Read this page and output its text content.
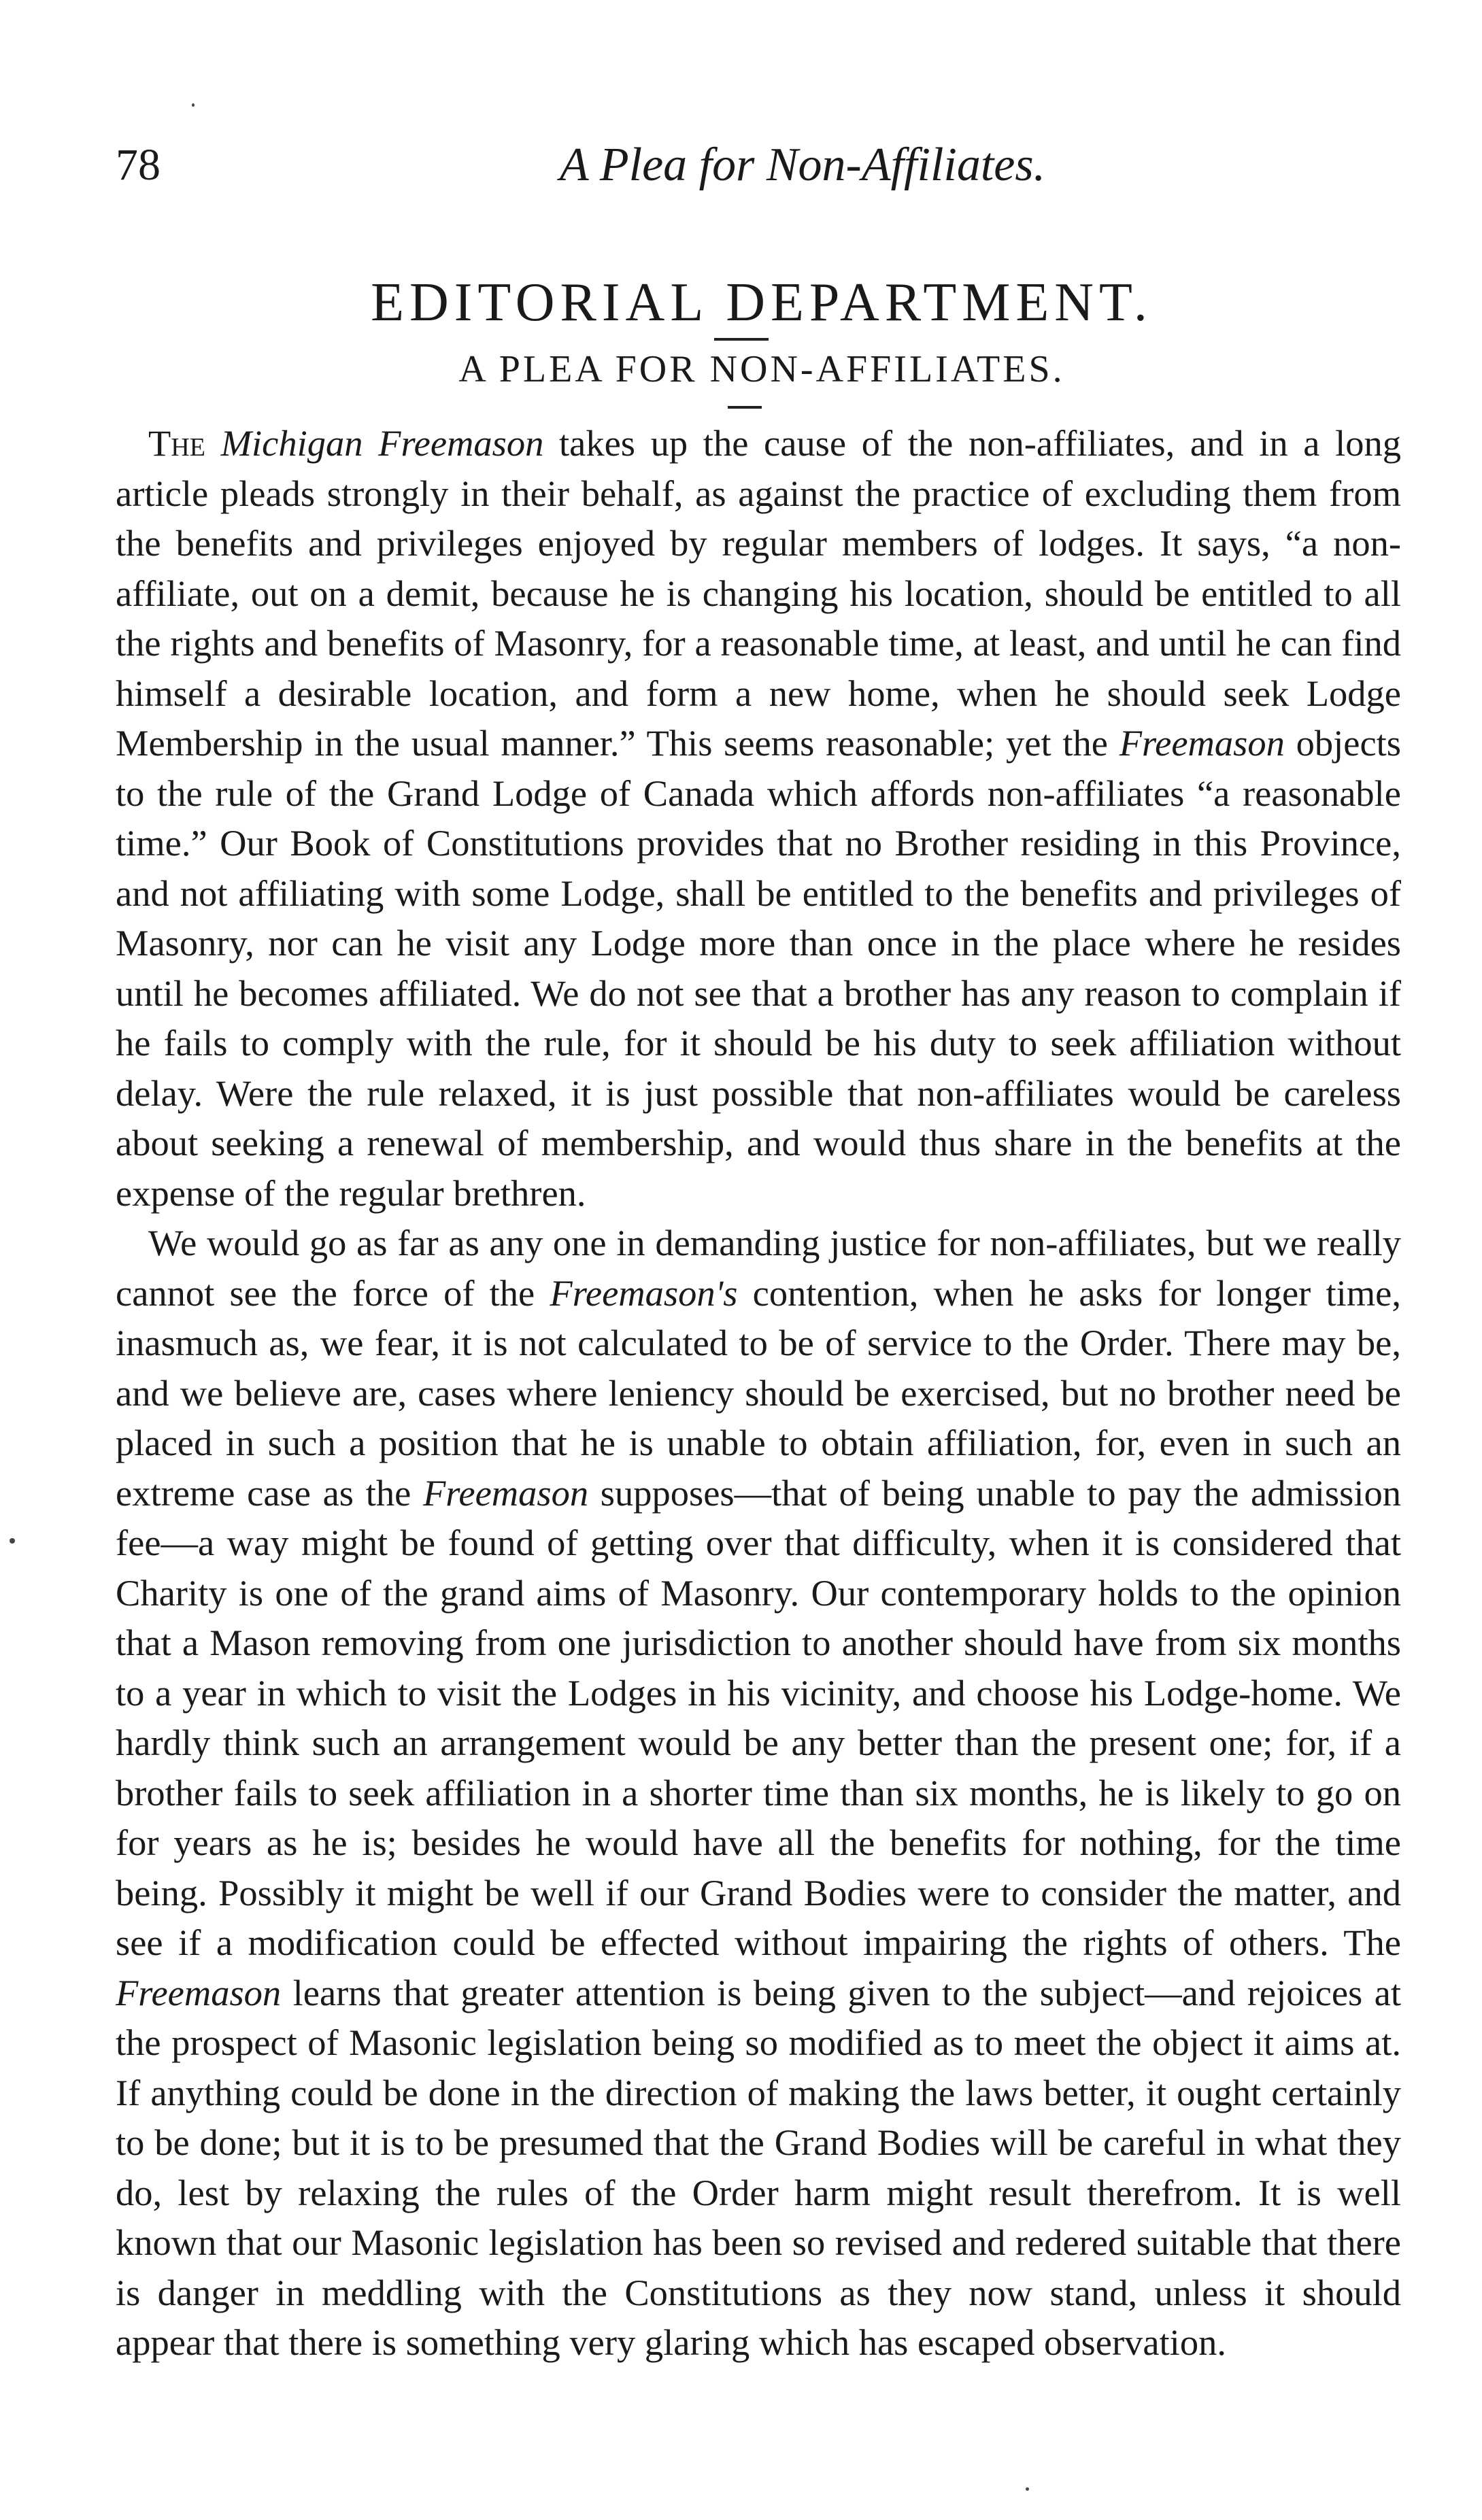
78	A Plea for Non-Affiliates.
EDITORIAL DEPARTMENT.
A PLEA FOR NON-AFFILIATES.

The Michigan Freemason takes up the cause of the non-affiliates, and in a long article pleads strongly in their behalf, as against the practice of excluding them from the benefits and privileges enjoyed by regular members of lodges. It says, “a non-affiliate, out on a demit, because he is changing his location, should be entitled to all the rights and benefits of Masonry, for a reasonable time, at least, and until he can find himself a desirable location, and form a new home, when he should seek Lodge Membership in the usual manner.” This seems reasonable; yet the Freemason objects to the rule of the Grand Lodge of Canada which affords non-affiliates “a reasonable time.” Our Book of Constitutions provides that no Brother residing in this Province, and not affiliating with some Lodge, shall be entitled to the benefits and privileges of Masonry, nor can he visit any Lodge more than once in the place where he resides until he becomes affiliated. We do not see that a brother has any reason to complain if he fails to comply with the rule, for it should be his duty to seek affiliation without delay. Were the rule relaxed, it is just possible that non-affiliates would be careless about seeking a renewal of membership, and would thus share in the benefits at the expense of the regular brethren.

We would go as far as any one in demanding justice for non-affiliates, but we really cannot see the force of the Freemason's contention, when he asks for longer time, inasmuch as, we fear, it is not calculated to be of service to the Order. There may be, and we believe are, cases where leniency should be exercised, but no brother need be placed in such a position that he is unable to obtain affiliation, for, even in such an extreme case as the Freemason supposes—that of being unable to pay the admission fee—a way might be found of getting over that difficulty, when it is considered that Charity is one of the grand aims of Masonry. Our contemporary holds to the opinion that a Mason removing from one jurisdiction to another should have from six months to a year in which to visit the Lodges in his vicinity, and choose his Lodge-home. We hardly think such an arrangement would be any better than the present one; for, if a brother fails to seek affiliation in a shorter time than six months, he is likely to go on for years as he is; besides he would have all the benefits for nothing, for the time being. Possibly it might be well if our Grand Bodies were to consider the matter, and see if a modification could be effected without impairing the rights of others. The Freemason learns that greater attention is being given to the subject—and rejoices at the prospect of Masonic legislation being so modified as to meet the object it aims at. If anything could be done in the direction of making the laws better, it ought certainly to be done; but it is to be presumed that the Grand Bodies will be careful in what they do, lest by relaxing the rules of the Order harm might result therefrom. It is well known that our Masonic legislation has been so revised and redered suitable that there is danger in meddling with the Constitutions as they now stand, unless it should appear that there is something very glaring which has escaped observation.
